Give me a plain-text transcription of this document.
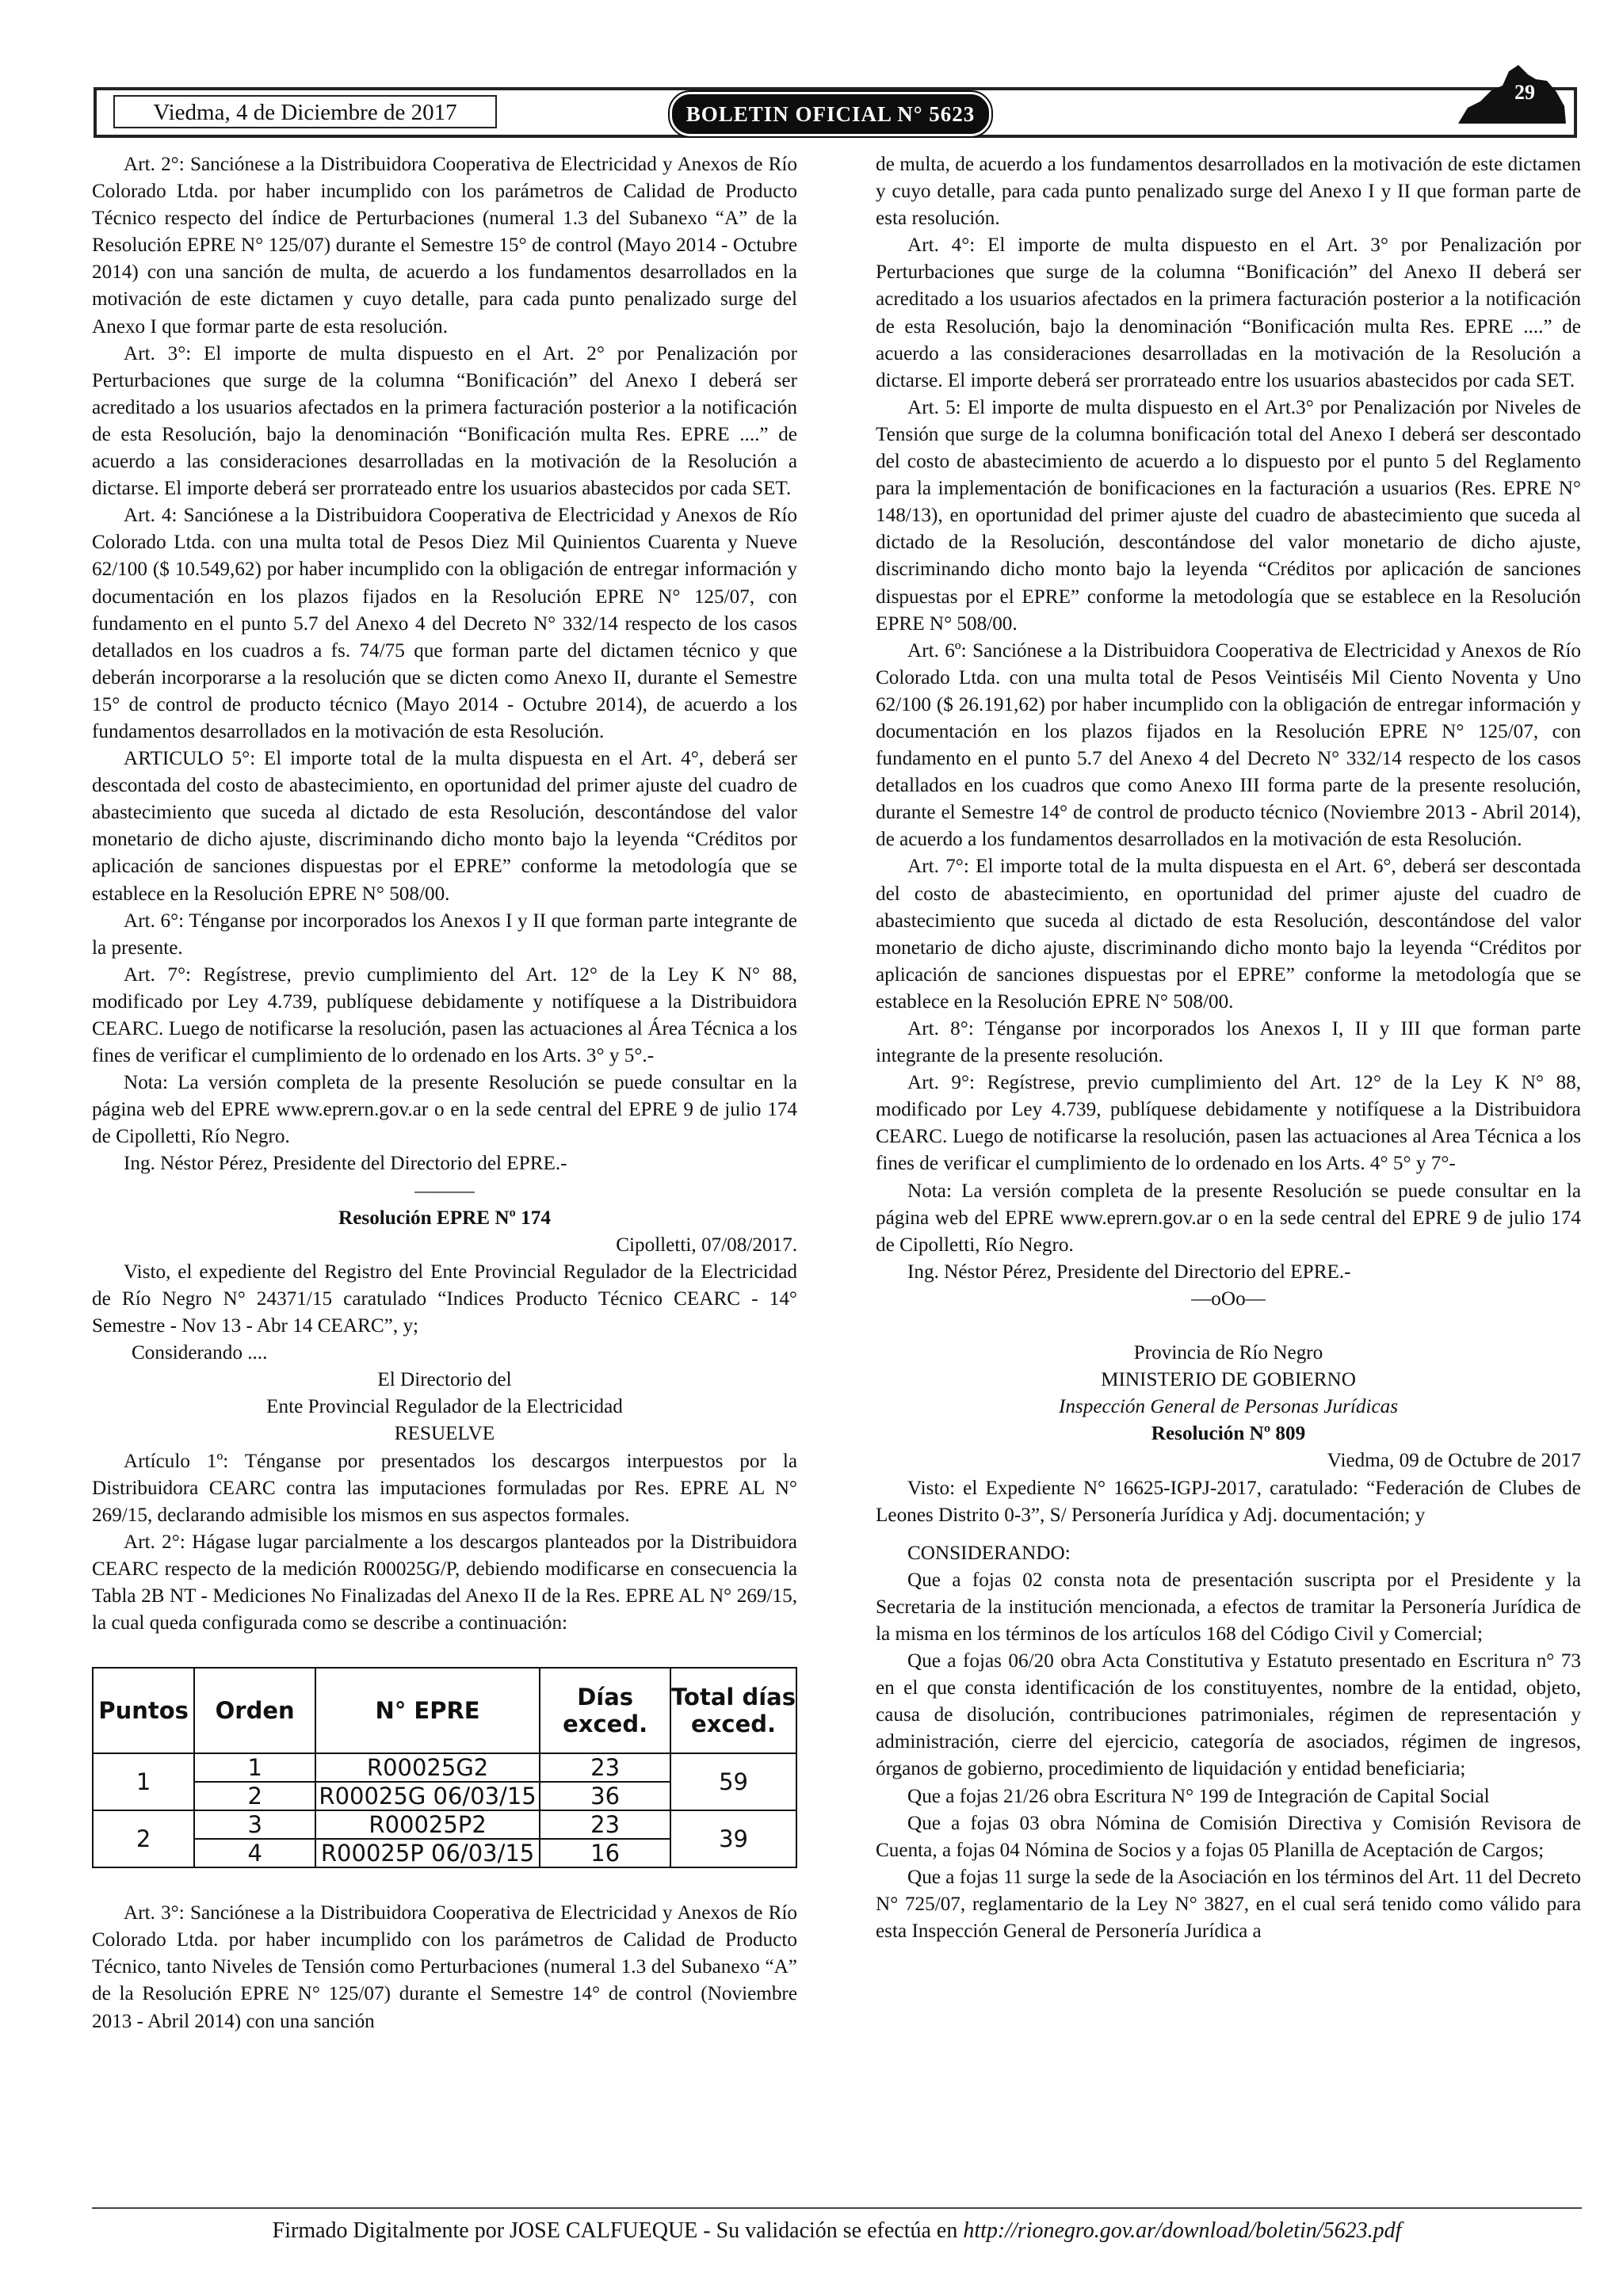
Viedma, 4 de Diciembre de 2017	BOLETIN OFICIAL N° 5623
29

Art. 2°: Sanciónese a la Distribuidora Cooperativa de Electricidad y Anexos de Río Colorado Ltda. por haber incumplido con los parámetros de Calidad de Producto Técnico respecto del índice de Perturbaciones (numeral 1.3 del Subanexo “A” de la Resolución EPRE N° 125/07) durante el Semestre 15° de control (Mayo 2014 - Octubre 2014) con una sanción de multa, de acuerdo a los fundamentos desarrollados en la motivación de este dictamen y cuyo detalle, para cada punto penalizado surge del Anexo I que formar parte de esta resolución.

Art. 3°: El importe de multa dispuesto en el Art. 2° por Penalización por Perturbaciones que surge de la columna “Bonificación” del Anexo I deberá ser acreditado a los usuarios afectados en la primera facturación posterior a la notificación de esta Resolución, bajo la denominación “Bonificación multa Res. EPRE ....” de acuerdo a las consideraciones desarrolladas en la motivación de la Resolución a dictarse. El importe deberá ser prorrateado entre los usuarios abastecidos por cada SET.

Art. 4: Sanciónese a la Distribuidora Cooperativa de Electricidad y Anexos de Río Colorado Ltda. con una multa total de Pesos Diez Mil Quinientos Cuarenta y Nueve 62/100 ($ 10.549,62) por haber incumplido con la obligación de entregar información y documentación en los plazos fijados en la Resolución EPRE N° 125/07, con fundamento en el punto 5.7 del Anexo 4 del Decreto N° 332/14 respecto de los casos detallados en los cuadros a fs. 74/75 que forman parte del dictamen técnico y que deberán incorporarse a la resolución que se dicten como Anexo II, durante el Semestre 15° de control de producto técnico (Mayo 2014 - Octubre 2014), de acuerdo a los fundamentos desarrollados en la motivación de esta Resolución.

ARTICULO 5°: El importe total de la multa dispuesta en el Art. 4°, deberá ser descontada del costo de abastecimiento, en oportunidad del primer ajuste del cuadro de abastecimiento que suceda al dictado de esta Resolución, descontándose del valor monetario de dicho ajuste, discriminando dicho monto bajo la leyenda “Créditos por aplicación de sanciones dispuestas por el EPRE” conforme la metodología que se establece en la Resolución EPRE N° 508/00.

Art. 6°: Ténganse por incorporados los Anexos I y II que forman parte integrante de la presente.

Art. 7°: Regístrese, previo cumplimiento del Art. 12° de la Ley K N° 88, modificado por Ley 4.739, publíquese debidamente y notifíquese a la Distribuidora CEARC. Luego de notificarse la resolución, pasen las actuaciones al Área Técnica a los fines de verificar el cumplimiento de lo ordenado en los Arts. 3° y 5°.-

Nota: La versión completa de la presente Resolución se puede consultar en la página web del EPRE www.eprern.gov.ar o en la sede central del EPRE 9 de julio 174 de Cipolletti, Río Negro.

Ing. Néstor Pérez, Presidente del Directorio del EPRE.-

———

Resolución EPRE Nº 174

Cipolletti, 07/08/2017.

Visto, el expediente del Registro del Ente Provincial Regulador de la Electricidad de Río Negro N° 24371/15 caratulado “Indices Producto Técnico CEARC - 14° Semestre - Nov 13 - Abr 14 CEARC”, y;

Considerando ....

El Directorio del

Ente Provincial Regulador de la Electricidad

RESUELVE

Artículo 1º: Ténganse por presentados los descargos interpuestos por la Distribuidora CEARC contra las imputaciones formuladas por Res. EPRE AL N° 269/15, declarando admisible los mismos en sus aspectos formales.

Art. 2°: Hágase lugar parcialmente a los descargos planteados por la Distribuidora CEARC respecto de la medición R00025G/P, debiendo modificarse en consecuencia la Tabla 2B NT - Mediciones No Finalizadas del Anexo II de la Res. EPRE AL N° 269/15, la cual queda configurada como se describe a continuación:

Puntos	Orden	N° EPRE	Días exced.	Total días exced.
1	1	R00025G2	23	59
	2	R00025G 06/03/15	36	
2	3	R00025P2	23	39
	4	R00025P 06/03/15	16	

Art. 3°: Sanciónese a la Distribuidora Cooperativa de Electricidad y Anexos de Río Colorado Ltda. por haber incumplido con los parámetros de Calidad de Producto Técnico, tanto Niveles de Tensión como Perturbaciones (numeral 1.3 del Subanexo “A” de la Resolución EPRE N° 125/07) durante el Semestre 14° de control (Noviembre 2013 - Abril 2014) con una sanción

de multa, de acuerdo a los fundamentos desarrollados en la motivación de este dictamen y cuyo detalle, para cada punto penalizado surge del Anexo I y II que forman parte de esta resolución.

Art. 4°: El importe de multa dispuesto en el Art. 3° por Penalización por Perturbaciones que surge de la columna “Bonificación” del Anexo II deberá ser acreditado a los usuarios afectados en la primera facturación posterior a la notificación de esta Resolución, bajo la denominación “Bonificación multa Res. EPRE ....” de acuerdo a las consideraciones desarrolladas en la motivación de la Resolución a dictarse. El importe deberá ser prorrateado entre los usuarios abastecidos por cada SET.

Art. 5: El importe de multa dispuesto en el Art.3° por Penalización por Niveles de Tensión que surge de la columna bonificación total del Anexo I deberá ser descontado del costo de abastecimiento de acuerdo a lo dispuesto por el punto 5 del Reglamento para la implementación de bonificaciones en la facturación a usuarios (Res. EPRE N° 148/13), en oportunidad del primer ajuste del cuadro de abastecimiento que suceda al dictado de la Resolución, descontándose del valor monetario de dicho ajuste, discriminando dicho monto bajo la leyenda “Créditos por aplicación de sanciones dispuestas por el EPRE” conforme la metodología que se establece en la Resolución EPRE N° 508/00.

Art. 6º: Sanciónese a la Distribuidora Cooperativa de Electricidad y Anexos de Río Colorado Ltda. con una multa total de Pesos Veintiséis Mil Ciento Noventa y Uno 62/100 ($ 26.191,62) por haber incumplido con la obligación de entregar información y documentación en los plazos fijados en la Resolución EPRE N° 125/07, con fundamento en el punto 5.7 del Anexo 4 del Decreto N° 332/14 respecto de los casos detallados en los cuadros que como Anexo III forma parte de la presente resolución, durante el Semestre 14° de control de producto técnico (Noviembre 2013 - Abril 2014), de acuerdo a los fundamentos desarrollados en la motivación de esta Resolución.

Art. 7°: El importe total de la multa dispuesta en el Art. 6°, deberá ser descontada del costo de abastecimiento, en oportunidad del primer ajuste del cuadro de abastecimiento que suceda al dictado de esta Resolución, descontándose del valor monetario de dicho ajuste, discriminando dicho monto bajo la leyenda “Créditos por aplicación de sanciones dispuestas por el EPRE” conforme la metodología que se establece en la Resolución EPRE N° 508/00.

Art. 8°: Ténganse por incorporados los Anexos I, II y III que forman parte integrante de la presente resolución.

Art. 9°: Regístrese, previo cumplimiento del Art. 12° de la Ley K N° 88, modificado por Ley 4.739, publíquese debidamente y notifíquese a la Distribuidora CEARC. Luego de notificarse la resolución, pasen las actuaciones al Area Técnica a los fines de verificar el cumplimiento de lo ordenado en los Arts. 4° 5° y 7°-

Nota: La versión completa de la presente Resolución se puede consultar en la página web del EPRE www.eprern.gov.ar o en la sede central del EPRE 9 de julio 174 de Cipolletti, Río Negro.

Ing. Néstor Pérez, Presidente del Directorio del EPRE.-

—oOo—

Provincia de Río Negro

MINISTERIO DE GOBIERNO

Inspección General de Personas Jurídicas

Resolución Nº 809

Viedma, 09 de Octubre de 2017

Visto: el Expediente N° 16625-IGPJ-2017, caratulado: “Federación de Clubes de Leones Distrito 0-3”, S/ Personería Jurídica y Adj. documentación; y

CONSIDERANDO:

Que a fojas 02 consta nota de presentación suscripta por el Presidente y la Secretaria de la institución mencionada, a efectos de tramitar la Personería Jurídica de la misma en los términos de los artículos 168 del Código Civil y Comercial;

Que a fojas 06/20 obra Acta Constitutiva y Estatuto presentado en Escritura n° 73 en el que consta identificación de los constituyentes, nombre de la entidad, objeto, causa de disolución, contribuciones patrimoniales, régimen de representación y administración, cierre del ejercicio, categoría de asociados, régimen de ingresos, órganos de gobierno, procedimiento de liquidación y entidad beneficiaria;

Que a fojas 21/26 obra Escritura N° 199 de Integración de Capital Social

Que a fojas 03 obra Nómina de Comisión Directiva y Comisión Revisora de Cuenta, a fojas 04 Nómina de Socios y a fojas 05 Planilla de Aceptación de Cargos;

Que a fojas 11 surge la sede de la Asociación en los términos del Art. 11 del Decreto N° 725/07, reglamentario de la Ley N° 3827, en el cual será tenido como válido para esta Inspección General de Personería Jurídica a

Firmado Digitalmente por JOSE CALFUEQUE - Su validación se efectúa en http://rionegro.gov.ar/download/boletin/5623.pdf
